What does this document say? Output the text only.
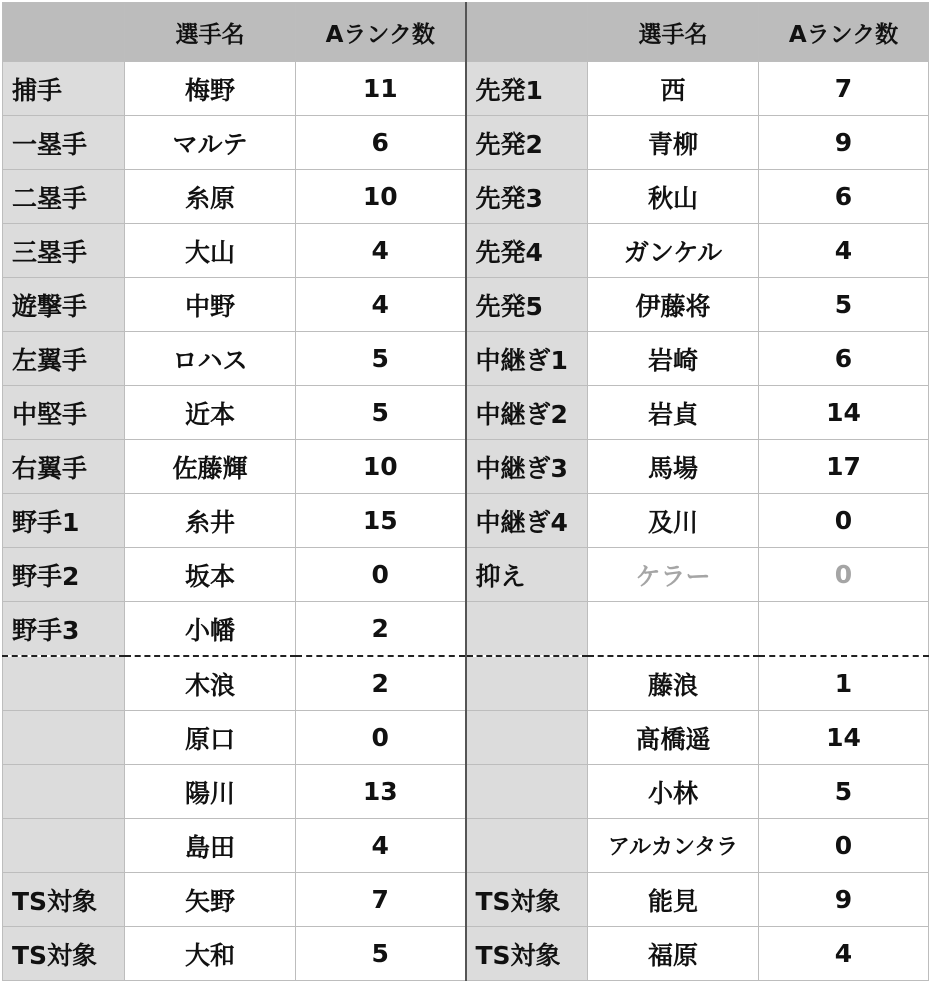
	選手名	Aランク数		選手名	Aランク数
捕手	梅野	11	先発1	西	7
一塁手	マルテ	6	先発2	青柳	9
二塁手	糸原	10	先発3	秋山	6
三塁手	大山	4	先発4	ガンケル	4
遊撃手	中野	4	先発5	伊藤将	5
左翼手	ロハス	5	中継ぎ1	岩崎	6
中堅手	近本	5	中継ぎ2	岩貞	14
右翼手	佐藤輝	10	中継ぎ3	馬場	17
野手1	糸井	15	中継ぎ4	及川	0
野手2	坂本	0	抑え	ケラー	0
野手3	小幡	2			
	木浪	2		藤浪	1
	原口	0		髙橋遥	14
	陽川	13		小林	5
	島田	4		アルカンタラ	0
TS対象	矢野	7	TS対象	能見	9
TS対象	大和	5	TS対象	福原	4
